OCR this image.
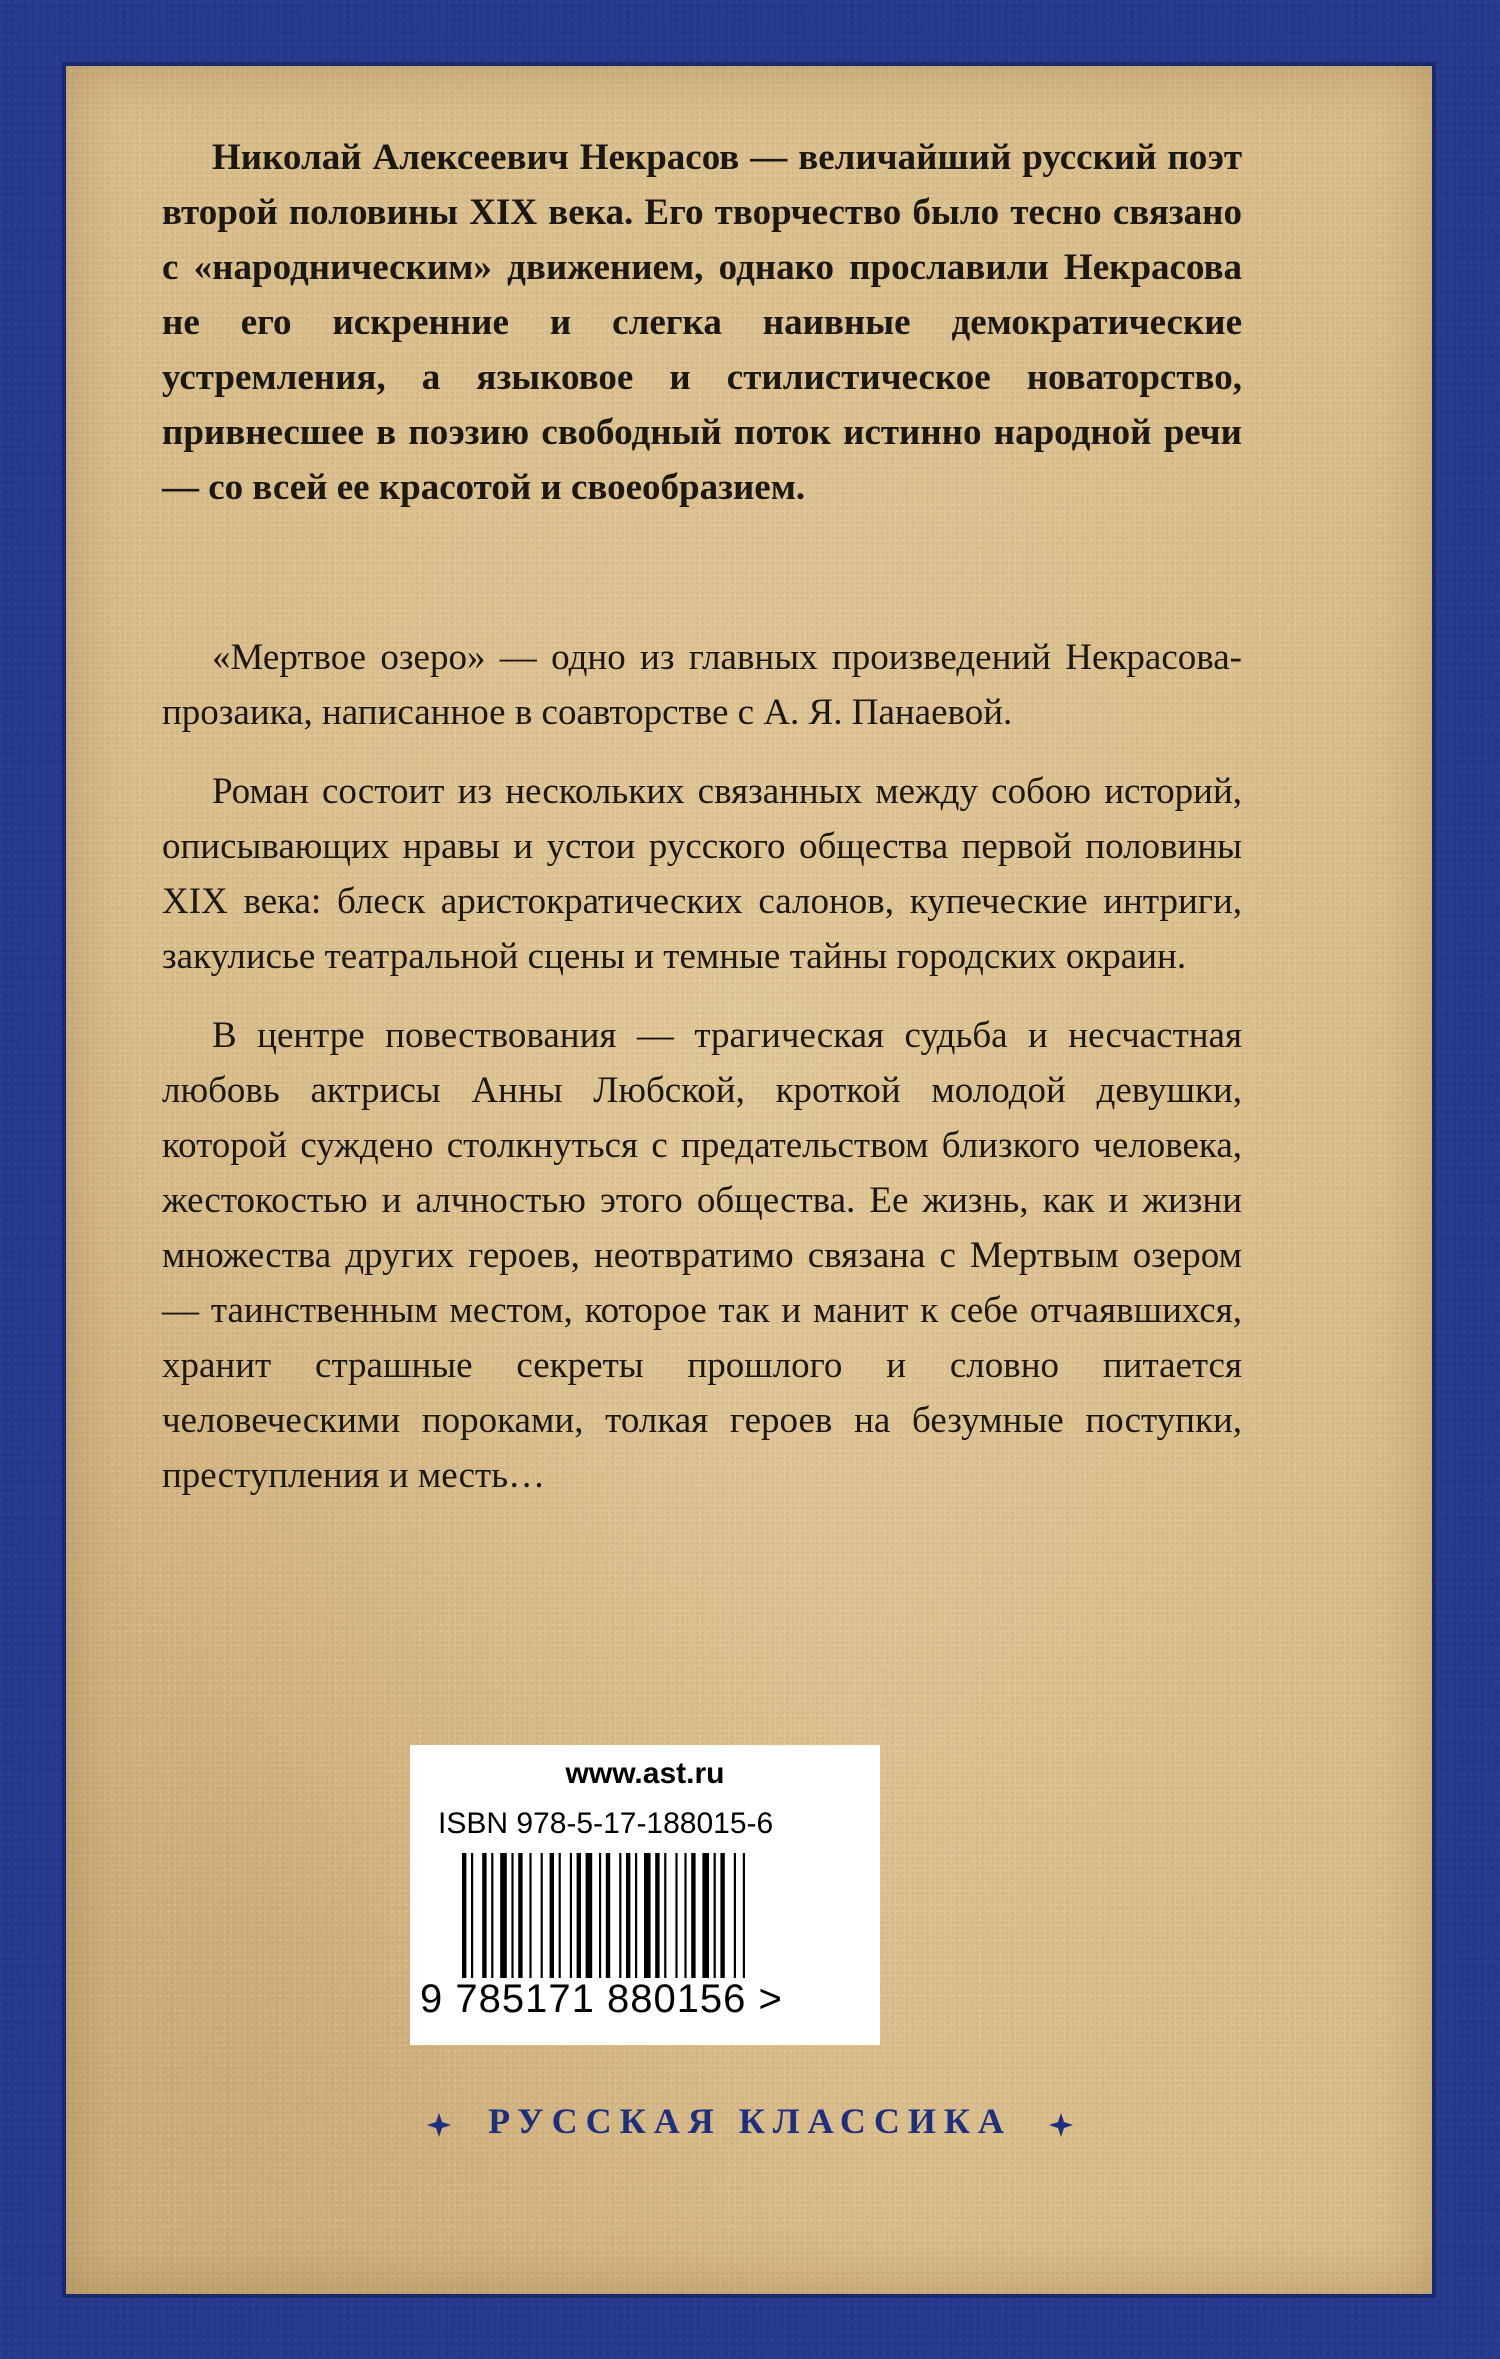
Николай Алексеевич Некрасов — величайший русский поэт второй половины XIX века. Его творчество было тесно связано с «народническим» движением, однако прославили Некрасова не его искренние и слегка наивные демократические устремления, а языковое и стилистическое новаторство, привнесшее в поэзию свободный поток истинно народной речи — со всей ее красотой и своеобразием.

«Мертвое озеро» — одно из главных произведений Некрасова-прозаика, написанное в соавторстве с А. Я. Панаевой.

Роман состоит из нескольких связанных между собою историй, описывающих нравы и устои русского общества первой половины XIX века: блеск аристократических салонов, купеческие интриги, закулисье театральной сцены и темные тайны городских окраин.

В центре повествования — трагическая судьба и несчастная любовь актрисы Анны Любской, кроткой молодой девушки, которой суждено столкнуться с предательством близкого человека, жестокостью и алчностью этого общества. Ее жизнь, как и жизни множества других героев, неотвратимо связана с Мертвым озером — таинственным местом, которое так и манит к себе отчаявшихся, хранит страшные секреты прошлого и словно питается человеческими пороками, толкая героев на безумные поступки, преступления и месть…

www.ast.ru
ISBN 978-5-17-188015-6
9 785171 880156 >
РУССКАЯ КЛАССИКА
